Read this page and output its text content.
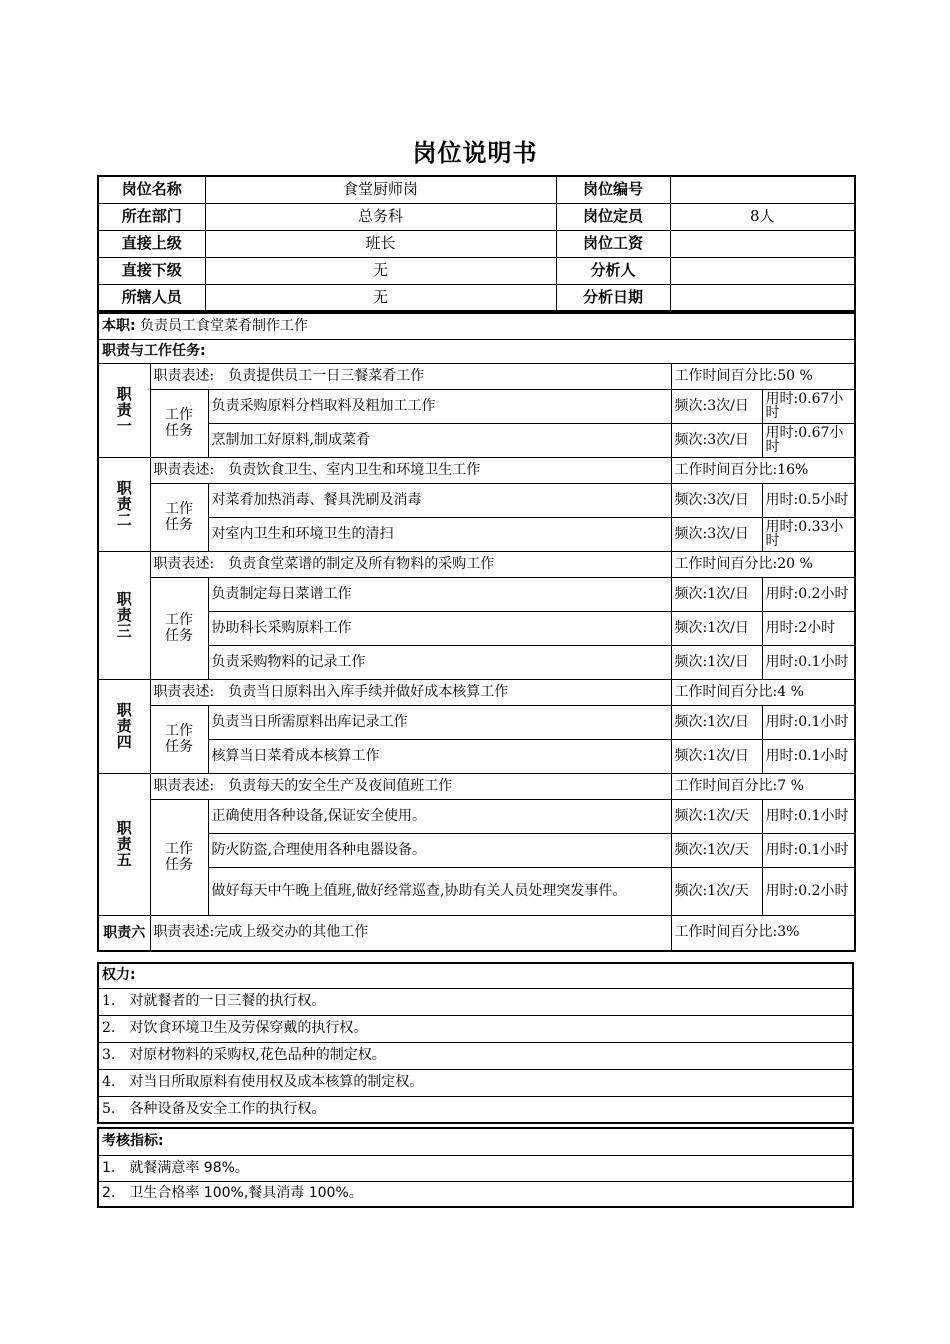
岗位说明书
岗位名称	食堂厨师岗	岗位编号	
所在部门	总务科	岗位定员	8人
直接上级	班长	岗位工资	
直接下级	无	分析人	
所辖人员	无	分析日期	
本职: 负责员工食堂菜肴制作工作				
职责与工作任务:				
职责一	职责表述:　负责提供员工一日三餐菜肴工作		工作时间百分比:50 %	
	工作任务	负责采购原料分档取料及粗加工工作	频次:3次/日	用时:0.67小时
		烹制加工好原料,制成菜肴	频次:3次/日	用时:0.67小时
职责二	职责表述:　负责饮食卫生、室内卫生和环境卫生工作		工作时间百分比:16%	
	工作任务	对菜肴加热消毒、餐具洗刷及消毒	频次:3次/日	用时:0.5小时
		对室内卫生和环境卫生的清扫	频次:3次/日	用时:0.33小时
职责三	职责表述:　负责食堂菜谱的制定及所有物料的采购工作		工作时间百分比:20 %	
	工作任务	负责制定每日菜谱工作	频次:1次/日	用时:0.2小时
		协助科长采购原料工作	频次:1次/日	用时:2小时
		负责采购物料的记录工作	频次:1次/日	用时:0.1小时
职责四	职责表述:　负责当日原料出入库手续并做好成本核算工作		工作时间百分比:4 %	
	工作任务	负责当日所需原料出库记录工作	频次:1次/日	用时:0.1小时
		核算当日菜肴成本核算工作	频次:1次/日	用时:0.1小时
职责五	职责表述:　负责每天的安全生产及夜间值班工作		工作时间百分比:7 %	
	工作任务	正确使用各种设备,保证安全使用。	频次:1次/天	用时:0.1小时
		防火防盗,合理使用各种电器设备。	频次:1次/天	用时:0.1小时
		做好每天中午晚上值班,做好经常巡查,协助有关人员处理突发事件。	频次:1次/天	用时:0.2小时
职责六	职责表述:完成上级交办的其他工作		工作时间百分比:3%	
权力:
1.　对就餐者的一日三餐的执行权。
2.　对饮食环境卫生及劳保穿戴的执行权。
3.　对原材物料的采购权,花色品种的制定权。
4.　对当日所取原料有使用权及成本核算的制定权。
5.　各种设备及安全工作的执行权。
考核指标:
1.　就餐满意率 98%。
2.　卫生合格率 100%,餐具消毒 100%。
